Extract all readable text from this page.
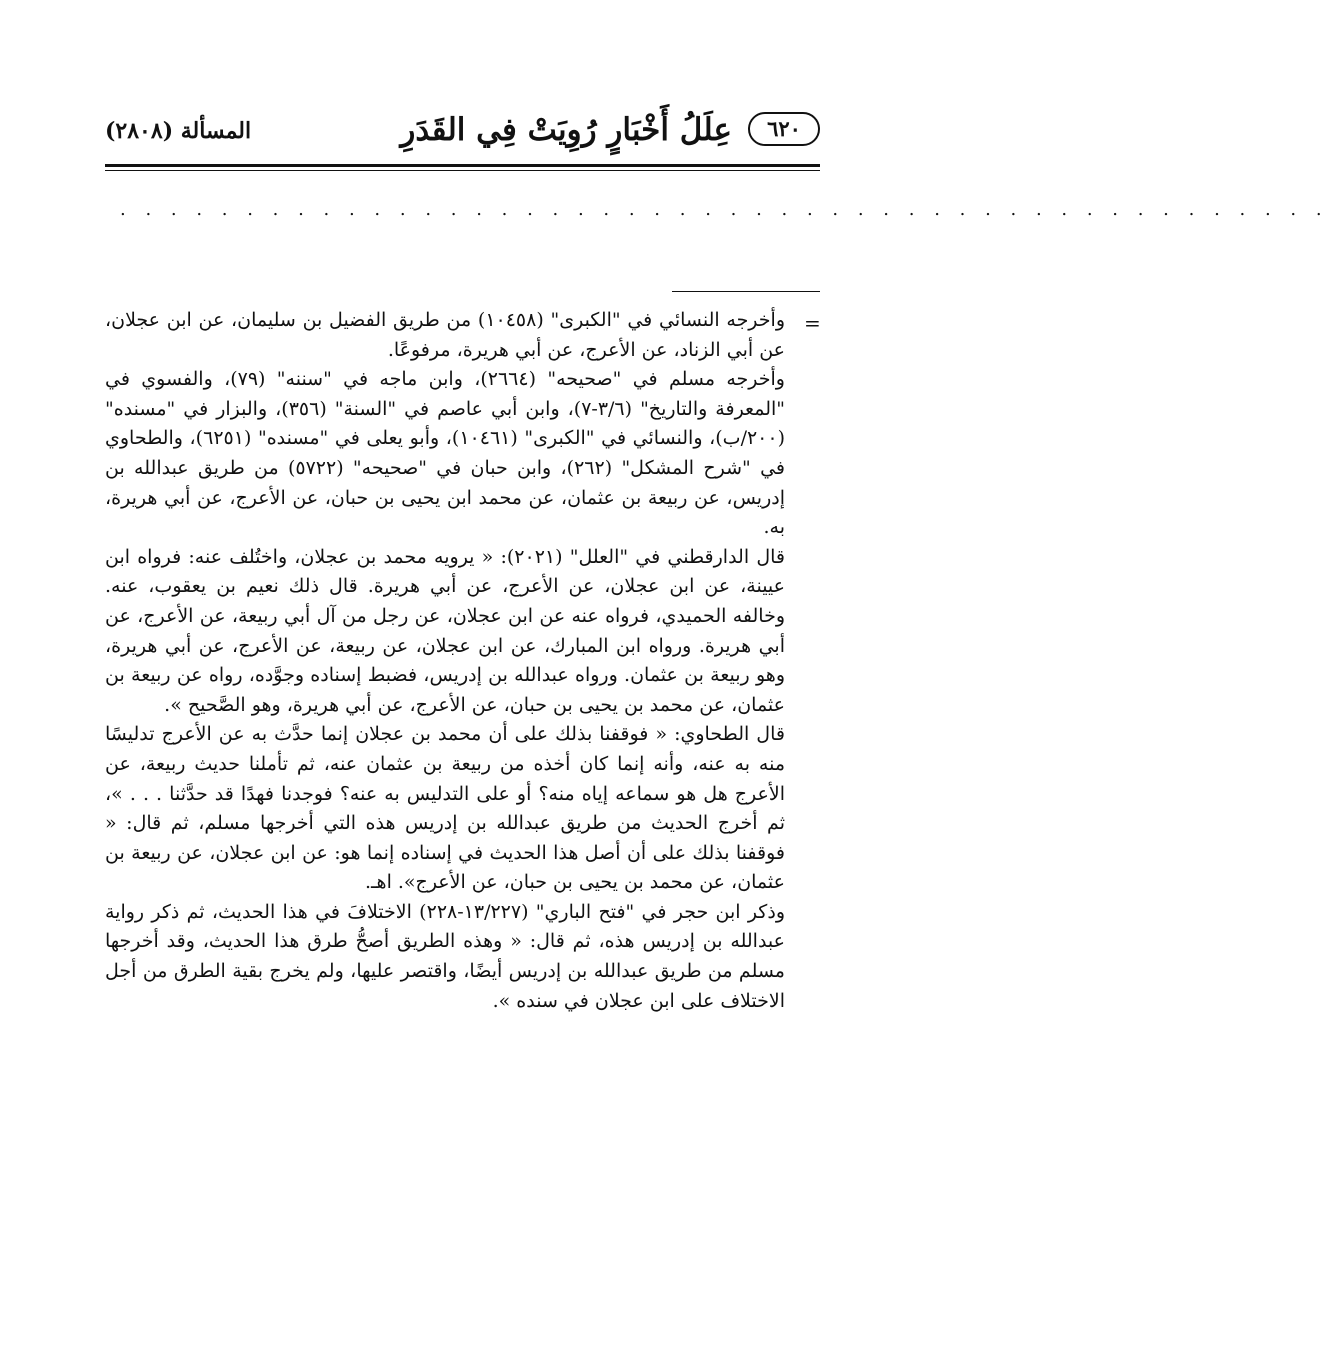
٦٢٠
عِلَلُ أَخْبَارٍ رُوِيَتْ فِي القَدَرِ
المسألة (٢٨٠٨)
. . . . . . . . . . . . . . . . . . . . . . . . . . . . . . . . . . . . . . . . . . . . . . . .
=

وأخرجه النسائي في "الكبرى" (١٠٤٥٨) من طريق الفضيل بن سليمان، عن ابن عجلان، عن أبي الزناد، عن الأعرج، عن أبي هريرة، مرفوعًا.

وأخرجه مسلم في "صحيحه" (٢٦٦٤)، وابن ماجه في "سننه" (٧٩)، والفسوي في "المعرفة والتاريخ" (٣/٦-٧)، وابن أبي عاصم في "السنة" (٣٥٦)، والبزار في "مسنده" (٢٠٠/ب)، والنسائي في "الكبرى" (١٠٤٦١)، وأبو يعلى في "مسنده" (٦٢٥١)، والطحاوي في "شرح المشكل" (٢٦٢)، وابن حبان في "صحيحه" (٥٧٢٢) من طريق عبدالله بن إدريس، عن ربيعة بن عثمان، عن محمد ابن يحيى بن حبان، عن الأعرج، عن أبي هريرة، به.

قال الدارقطني في "العلل" (٢٠٢١): « يرويه محمد بن عجلان، واختُلف عنه: فرواه ابن عيينة، عن ابن عجلان، عن الأعرج، عن أبي هريرة. قال ذلك نعيم بن يعقوب، عنه. وخالفه الحميدي، فرواه عنه عن ابن عجلان، عن رجل من آل أبي ربيعة، عن الأعرج، عن أبي هريرة. ورواه ابن المبارك، عن ابن عجلان، عن ربيعة، عن الأعرج، عن أبي هريرة، وهو ربيعة بن عثمان. ورواه عبدالله بن إدريس، فضبط إسناده وجوَّده، رواه عن ربيعة بن عثمان، عن محمد بن يحيى بن حبان، عن الأعرج، عن أبي هريرة، وهو الصَّحيح ».

قال الطحاوي: « فوقفنا بذلك على أن محمد بن عجلان إنما حدَّث به عن الأعرج تدليسًا منه به عنه، وأنه إنما كان أخذه من ربيعة بن عثمان عنه، ثم تأملنا حديث ربيعة، عن الأعرج هل هو سماعه إياه منه؟ أو على التدليس به عنه؟ فوجدنا فهدًا قد حدَّثنا . . . »، ثم أخرج الحديث من طريق عبدالله بن إدريس هذه التي أخرجها مسلم، ثم قال: « فوقفنا بذلك على أن أصل هذا الحديث في إسناده إنما هو: عن ابن عجلان، عن ربيعة بن عثمان، عن محمد بن يحيى بن حبان، عن الأعرج». اهـ.

وذكر ابن حجر في "فتح الباري" (١٣/٢٢٧-٢٢٨) الاختلافَ في هذا الحديث، ثم ذكر رواية عبدالله بن إدريس هذه، ثم قال: « وهذه الطريق أصحُّ طرق هذا الحديث، وقد أخرجها مسلم من طريق عبدالله بن إدريس أيضًا، واقتصر عليها، ولم يخرج بقية الطرق من أجل الاختلاف على ابن عجلان في سنده ».
